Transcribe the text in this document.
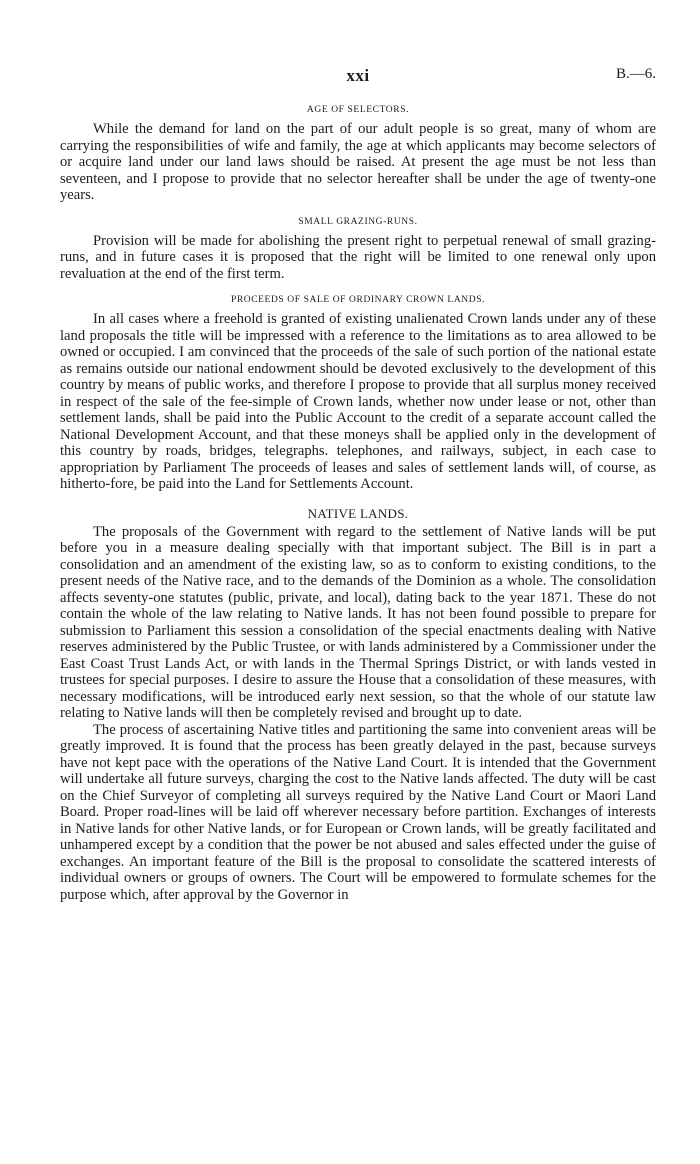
xxi	B.—6.
AGE OF SELECTORS.

While the demand for land on the part of our adult people is so great, many of whom are carrying the responsibilities of wife and family, the age at which applicants may become selectors of or acquire land under our land laws should be raised. At present the age must be not less than seventeen, and I propose to provide that no selector hereafter shall be under the age of twenty-one years.

SMALL GRAZING-RUNS.

Provision will be made for abolishing the present right to perpetual renewal of small grazing-runs, and in future cases it is proposed that the right will be limited to one renewal only upon revaluation at the end of the first term.

PROCEEDS OF SALE OF ORDINARY CROWN LANDS.

In all cases where a freehold is granted of existing unalienated Crown lands under any of these land proposals the title will be impressed with a reference to the limitations as to area allowed to be owned or occupied. I am convinced that the proceeds of the sale of such portion of the national estate as remains outside our national endowment should be devoted exclusively to the development of this country by means of public works, and therefore I propose to provide that all surplus money received in respect of the sale of the fee-simple of Crown lands, whether now under lease or not, other than settlement lands, shall be paid into the Public Account to the credit of a separate account called the National Development Account, and that these moneys shall be applied only in the development of this country by roads, bridges, telegraphs. telephones, and railways, subject, in each case to appropriation by Parliament The proceeds of leases and sales of settlement lands will, of course, as hitherto-fore, be paid into the Land for Settlements Account.

NATIVE LANDS.

The proposals of the Government with regard to the settlement of Native lands will be put before you in a measure dealing specially with that important subject. The Bill is in part a consolidation and an amendment of the existing law, so as to conform to existing conditions, to the present needs of the Native race, and to the demands of the Dominion as a whole. The consolidation affects seventy-one statutes (public, private, and local), dating back to the year 1871. These do not contain the whole of the law relating to Native lands. It has not been found possible to prepare for submission to Parliament this session a consolidation of the special enactments dealing with Native reserves administered by the Public Trustee, or with lands administered by a Commissioner under the East Coast Trust Lands Act, or with lands in the Thermal Springs District, or with lands vested in trustees for special purposes. I desire to assure the House that a consolidation of these measures, with necessary modifications, will be introduced early next session, so that the whole of our statute law relating to Native lands will then be completely revised and brought up to date.

The process of ascertaining Native titles and partitioning the same into convenient areas will be greatly improved. It is found that the process has been greatly delayed in the past, because surveys have not kept pace with the operations of the Native Land Court. It is intended that the Government will undertake all future surveys, charging the cost to the Native lands affected. The duty will be cast on the Chief Surveyor of completing all surveys required by the Native Land Court or Maori Land Board. Proper road-lines will be laid off wherever necessary before partition. Exchanges of interests in Native lands for other Native lands, or for European or Crown lands, will be greatly facilitated and unhampered except by a condition that the power be not abused and sales effected under the guise of exchanges. An important feature of the Bill is the proposal to consolidate the scattered interests of individual owners or groups of owners. The Court will be empowered to formulate schemes for the purpose which, after approval by the Governor in
